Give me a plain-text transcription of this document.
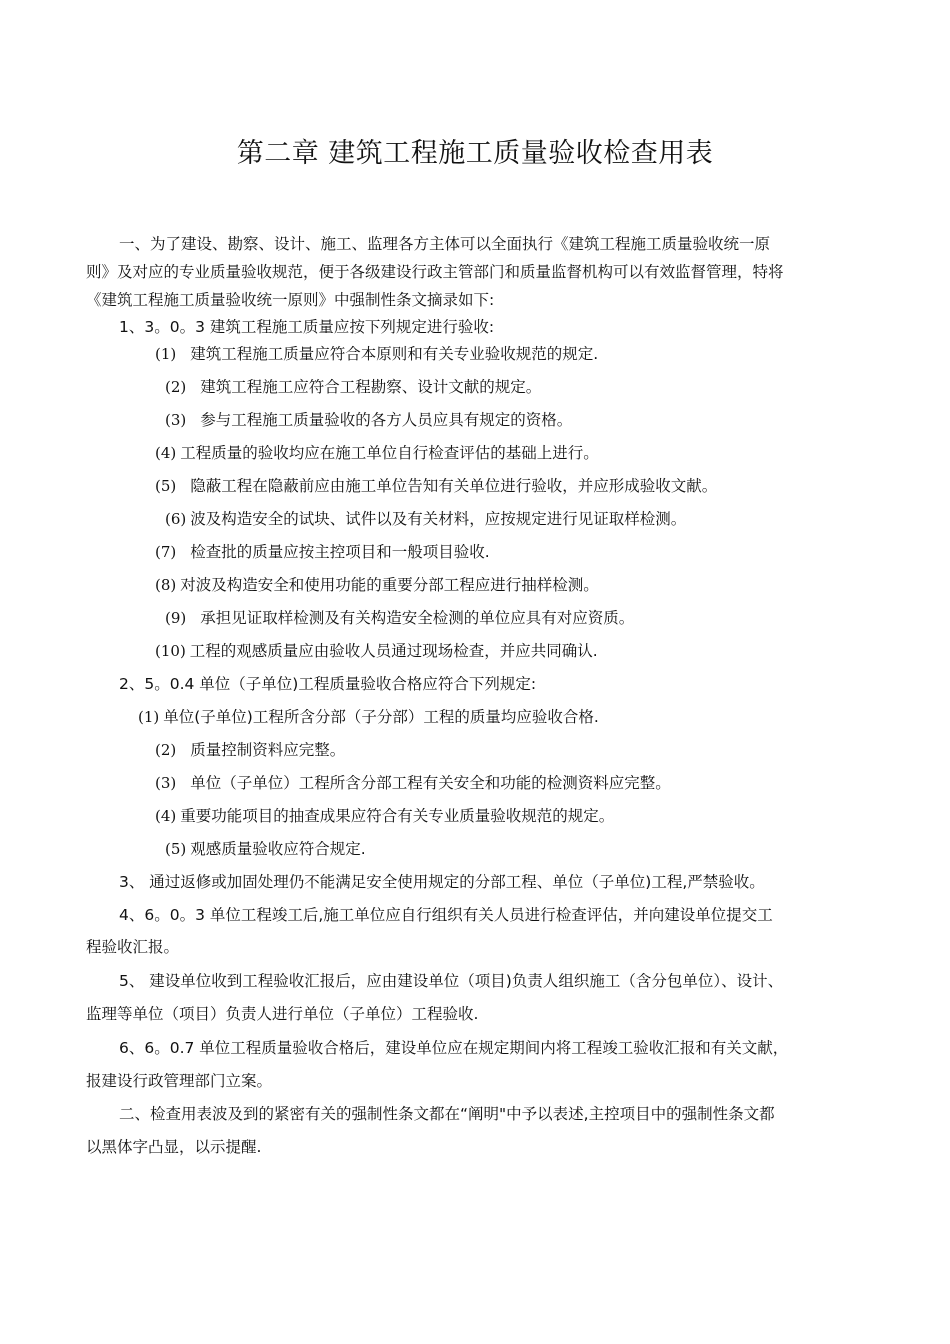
第二章 建筑工程施工质量验收检查用表
一、为了建设、勘察、设计、施工、监理各方主体可以全面执行《建筑工程施工质量验收统一原
则》及对应的专业质量验收规范，便于各级建设行政主管部门和质量监督机构可以有效监督管理，特将
《建筑工程施工质量验收统一原则》中强制性条文摘录如下:
1、3。0。3 建筑工程施工质量应按下列规定进行验收:
(1) 建筑工程施工质量应符合本原则和有关专业验收规范的规定.
(2) 建筑工程施工应符合工程勘察、设计文献的规定。
(3) 参与工程施工质量验收的各方人员应具有规定的资格。
(4) 工程质量的验收均应在施工单位自行检查评估的基础上进行。
(5) 隐蔽工程在隐蔽前应由施工单位告知有关单位进行验收，并应形成验收文献。
(6) 波及构造安全的试块、试件以及有关材料，应按规定进行见证取样检测。
(7) 检查批的质量应按主控项目和一般项目验收.
(8) 对波及构造安全和使用功能的重要分部工程应进行抽样检测。
(9) 承担见证取样检测及有关构造安全检测的单位应具有对应资质。
(10) 工程的观感质量应由验收人员通过现场检查，并应共同确认.
2、5。0.4 单位（子单位)工程质量验收合格应符合下列规定:
(1) 单位(子单位)工程所含分部（子分部）工程的质量均应验收合格.
(2) 质量控制资料应完整。
(3) 单位（子单位）工程所含分部工程有关安全和功能的检测资料应完整。
(4) 重要功能项目的抽查成果应符合有关专业质量验收规范的规定。
(5) 观感质量验收应符合规定.
3、 通过返修或加固处理仍不能满足安全使用规定的分部工程、单位（子单位)工程,严禁验收。
4、6。0。3 单位工程竣工后,施工单位应自行组织有关人员进行检查评估，并向建设单位提交工
程验收汇报。
5、 建设单位收到工程验收汇报后，应由建设单位（项目)负责人组织施工（含分包单位）、设计、
监理等单位（项目）负责人进行单位（子单位）工程验收.
6、6。0.7 单位工程质量验收合格后，建设单位应在规定期间内将工程竣工验收汇报和有关文献，
报建设行政管理部门立案。
二、检查用表波及到的紧密有关的强制性条文都在“阐明"中予以表述,主控项目中的强制性条文都
以黑体字凸显，以示提醒.
